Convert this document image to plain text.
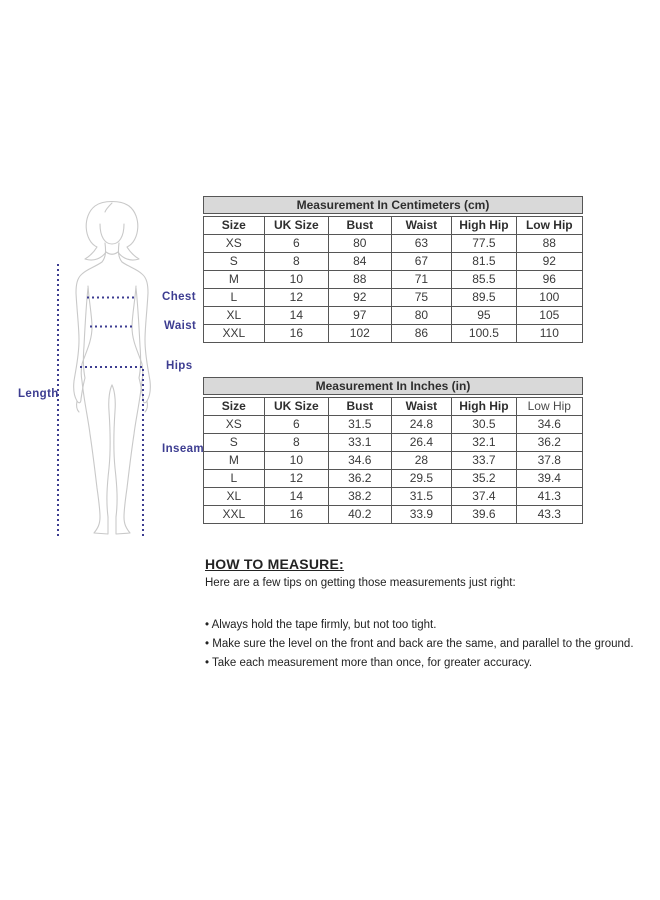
Chest
Waist
Hips
Length
Inseam
Measurement In Centimeters (cm)
Size	UK Size	Bust	Waist	High Hip	Low Hip
XS	6	80	63	77.5	88
S	8	84	67	81.5	92
M	10	88	71	85.5	96
L	12	92	75	89.5	100
XL	14	97	80	95	105
XXL	16	102	86	100.5	110
Measurement In Inches (in)
Size	UK Size	Bust	Waist	High Hip	Low Hip
XS	6	31.5	24.8	30.5	34.6
S	8	33.1	26.4	32.1	36.2
M	10	34.6	28	33.7	37.8
L	12	36.2	29.5	35.2	39.4
XL	14	38.2	31.5	37.4	41.3
XXL	16	40.2	33.9	39.6	43.3
HOW TO MEASURE:

Here are a few tips on getting those measurements just right:

• Always hold the tape firmly, but not too tight.
• Make sure the level on the front and back are the same, and parallel to the ground.
• Take each measurement more than once, for greater accuracy.
